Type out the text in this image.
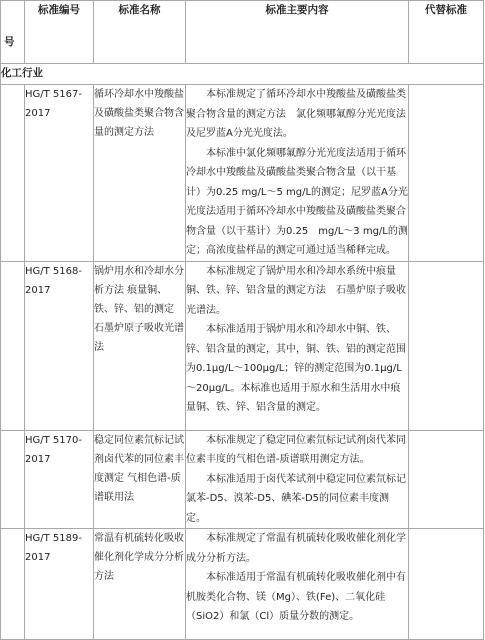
号	标准编号	标准名称	标准主要内容	代替标准
化工行业				
	HG/T 5167-2017	循环冷却水中羧酸盐及磺酸盐类聚合物含量的测定方法	本标准规定了循环冷却水中羧酸盐及磺酸盐类聚合物含量的测定方法　氯化频哪氟醇分光光度法及尼罗蓝A分光光度法。

本标准中氯化频哪氟醇分光光度法适用于循环冷却水中羧酸盐及磺酸盐类聚合物含量（以干基计）为0.25 mg/L～5 mg/L的测定；尼罗蓝A分光光度法适用于循环冷却水中羧酸盐及磺酸盐类聚合物含量（以干基计）为0.25　mg/L～3 mg/L的测定；高浓度盐样品的测定可通过适当稀释完成。	

	HG/T 5168-2017	锅炉用水和冷却水分析方法 痕量铜、铁、锌、铝的测定 石墨炉原子吸收光谱法	本标准规定了锅炉用水和冷却水系统中痕量铜、铁、锌、铝含量的测定方法　石墨炉原子吸收光谱法。

本标准适用于锅炉用水和冷却水中铜、铁、锌、铝含量的测定，其中，铜、铁、铝的测定范围为0.1μg/L～100μg/L；锌的测定范围为0.1μg/L～20μg/L。本标准也适用于原水和生活用水中痕量铜、铁、锌、铝含量的测定。	

	HG/T 5170-2017	稳定同位素氘标记试剂卤代苯的同位素丰度测定 气相色谱-质谱联用法	本标准规定了稳定同位素氘标记试剂卤代苯同位素丰度的气相色谱-质谱联用测定方法。

本标准适用于卤代苯试剂中稳定同位素氘标记氯苯-D5、溴苯-D5、碘苯-D5的同位素丰度测定。	

	HG/T 5189-2017	常温有机硫转化吸收催化剂化学成分分析方法	本标准规定了常温有机硫转化吸收催化剂化学成分分析方法。

本标准适用于常温有机硫转化吸收催化剂中有机胺类化合物、镁（Mg）、铁(Fe)、二氧化硅（SiO2）和氯（Cl）质量分数的测定。	
